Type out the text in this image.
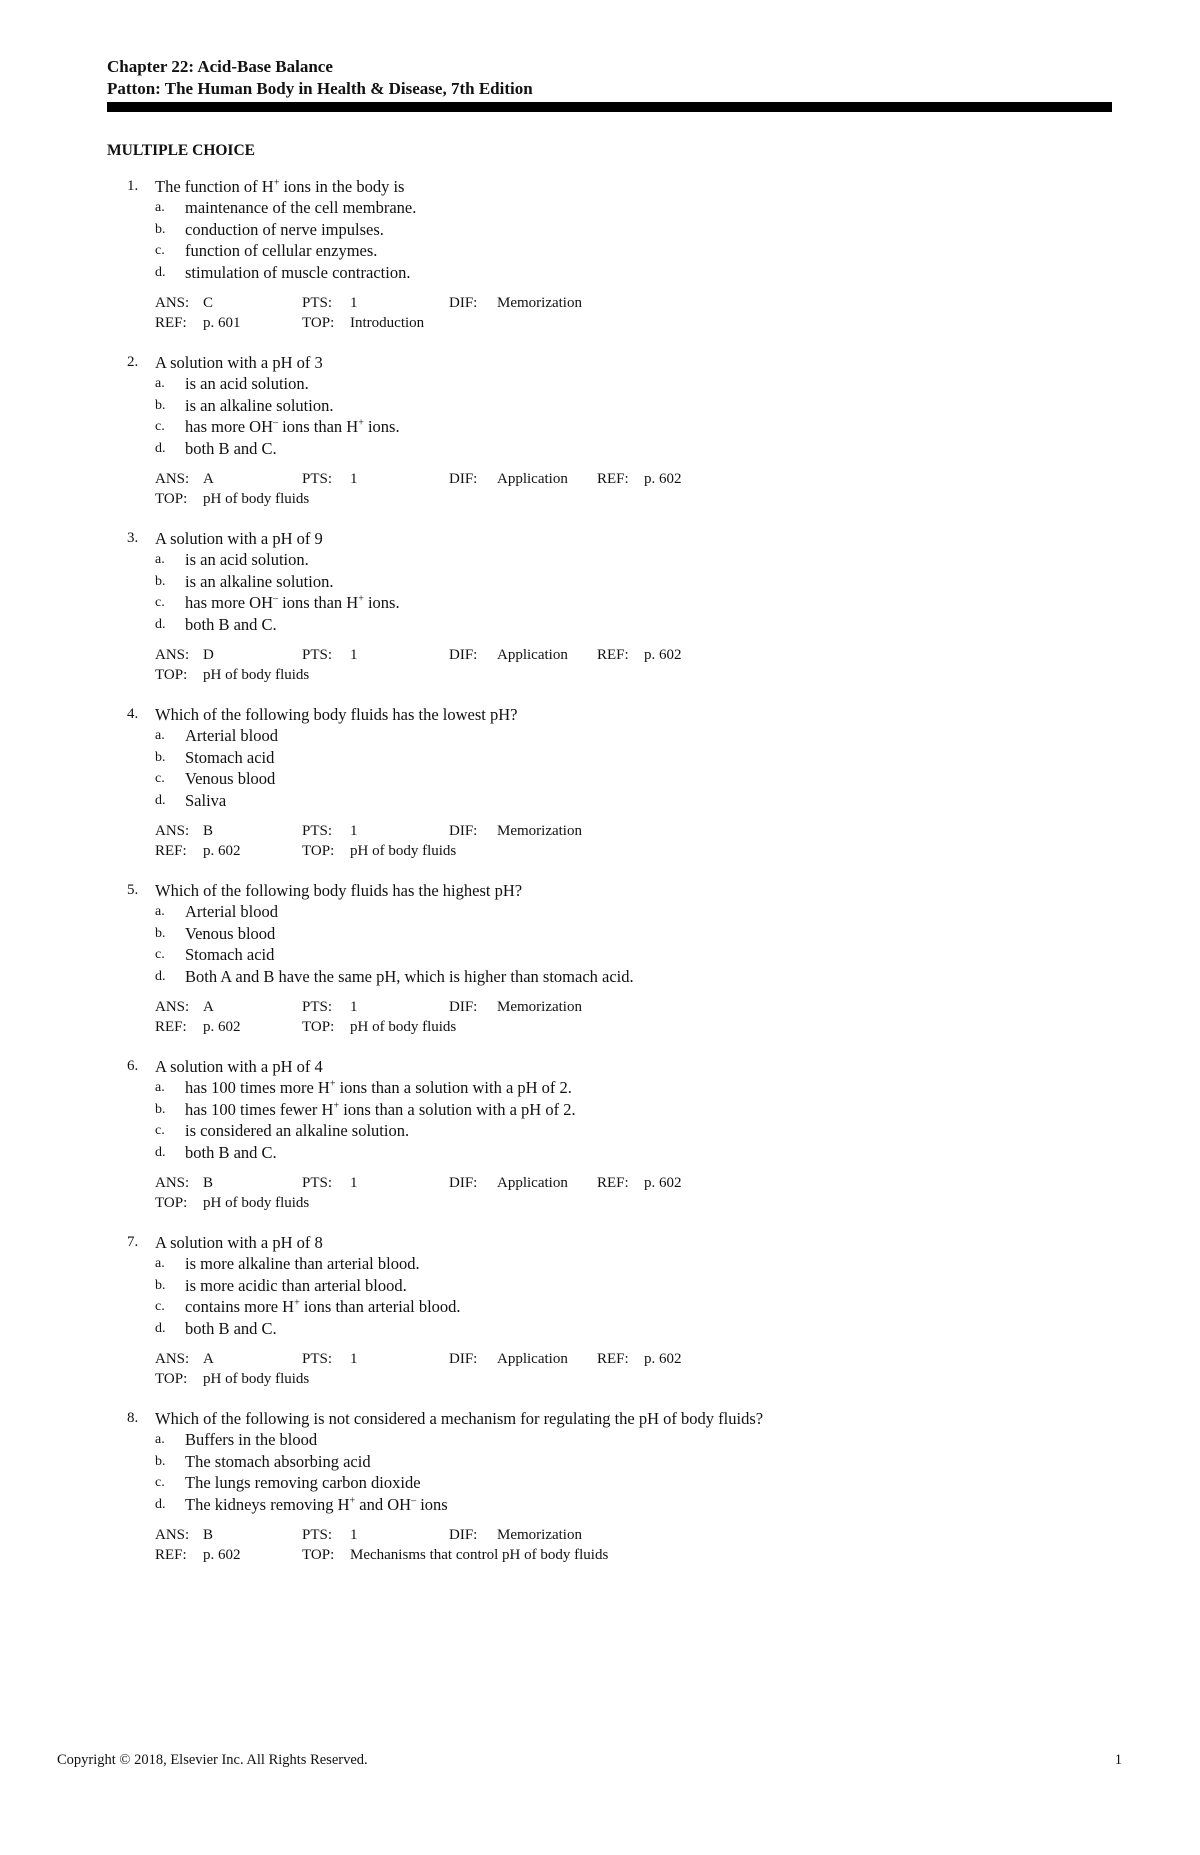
Chapter 22: Acid-Base Balance
Patton: The Human Body in Health & Disease, 7th Edition
MULTIPLE CHOICE
1.	The function of H+ ions in the body is
a.	maintenance of the cell membrane.
b.	conduction of nerve impulses.
c.	function of cellular enzymes.
d.	stimulation of muscle contraction.
ANS: C	PTS:	1	DIF:	Memorization
REF:	p. 601	TOP:	Introduction
2.	A solution with a pH of 3
a.	is an acid solution.
b.	is an alkaline solution.
c.	has more OH– ions than H+ ions.
d.	both B and C.
ANS: A	PTS:	1	DIF:	Application REF:	p. 602
TOP:	pH of body fluids
3.	A solution with a pH of 9
a.	is an acid solution.
b.	is an alkaline solution.
c.	has more OH– ions than H+ ions.
d.	both B and C.
ANS: D	PTS:	1	DIF:	Application REF:	p. 602
TOP:	pH of body fluids
4.	Which of the following body fluids has the lowest pH?
a.	Arterial blood
b.	Stomach acid
c.	Venous blood
d.	Saliva
ANS: B	PTS:	1	DIF:	Memorization
REF:	p. 602	TOP:	pH of body fluids
5.	Which of the following body fluids has the highest pH?
a.	Arterial blood
b.	Venous blood
c.	Stomach acid
d.	Both A and B have the same pH, which is higher than stomach acid.
ANS: A	PTS:	1	DIF:	Memorization
REF:	p. 602	TOP:	pH of body fluids
6.	A solution with a pH of 4
a.	has 100 times more H+ ions than a solution with a pH of 2.
b.	has 100 times fewer H+ ions than a solution with a pH of 2.
c.	is considered an alkaline solution.
d.	both B and C.
ANS: B	PTS:	1	DIF:	Application REF:	p. 602
TOP:	pH of body fluids
7.	A solution with a pH of 8
a.	is more alkaline than arterial blood.
b.	is more acidic than arterial blood.
c.	contains more H+ ions than arterial blood.
d.	both B and C.
ANS: A	PTS:	1	DIF:	Application REF:	p. 602
TOP:	pH of body fluids
8.	Which of the following is not considered a mechanism for regulating the pH of body fluids?
a.	Buffers in the blood
b.	The stomach absorbing acid
c.	The lungs removing carbon dioxide
d.	The kidneys removing H+ and OH– ions
ANS: B	PTS:	1	DIF:	Memorization
REF:	p. 602	TOP:	Mechanisms that control pH of body fluids
Copyright © 2018, Elsevier Inc. All Rights Reserved.	1
